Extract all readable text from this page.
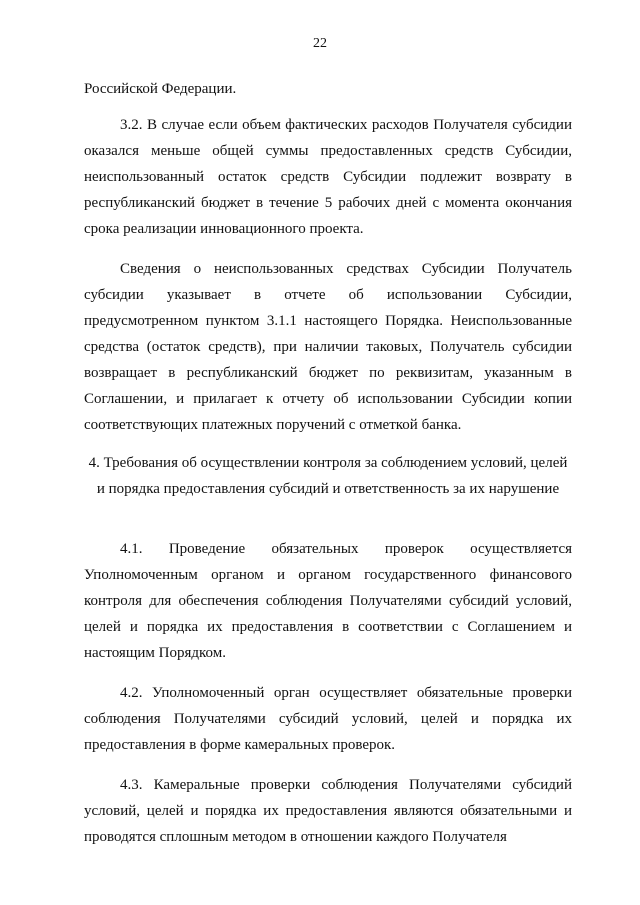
22

Российской Федерации.

3.2. В случае если объем фактических расходов Получателя субсидии оказался меньше общей суммы предоставленных средств Субсидии, неиспользованный остаток средств Субсидии подлежит возврату в республиканский бюджет в течение 5 рабочих дней с момента окончания срока реализации инновационного проекта.

Сведения о неиспользованных средствах Субсидии Получатель субсидии указывает в отчете об использовании Субсидии, предусмотренном пунктом 3.1.1 настоящего Порядка. Неиспользованные средства (остаток средств), при наличии таковых, Получатель субсидии возвращает в республиканский бюджет по реквизитам, указанным в Соглашении, и прилагает к отчету об использовании Субсидии копии соответствующих платежных поручений с отметкой банка.

4. Требования об осуществлении контроля за соблюдением условий, целей
и порядка предоставления субсидий и ответственность за их нарушение

4.1. Проведение обязательных проверок осуществляется Уполномоченным органом и органом государственного финансового контроля для обеспечения соблюдения Получателями субсидий условий, целей и порядка их предоставления в соответствии с Соглашением и настоящим Порядком.

4.2. Уполномоченный орган осуществляет обязательные проверки соблюдения Получателями субсидий условий, целей и порядка их предоставления в форме камеральных проверок.

4.3. Камеральные проверки соблюдения Получателями субсидий условий, целей и порядка их предоставления являются обязательными и проводятся сплошным методом в отношении каждого Получателя
